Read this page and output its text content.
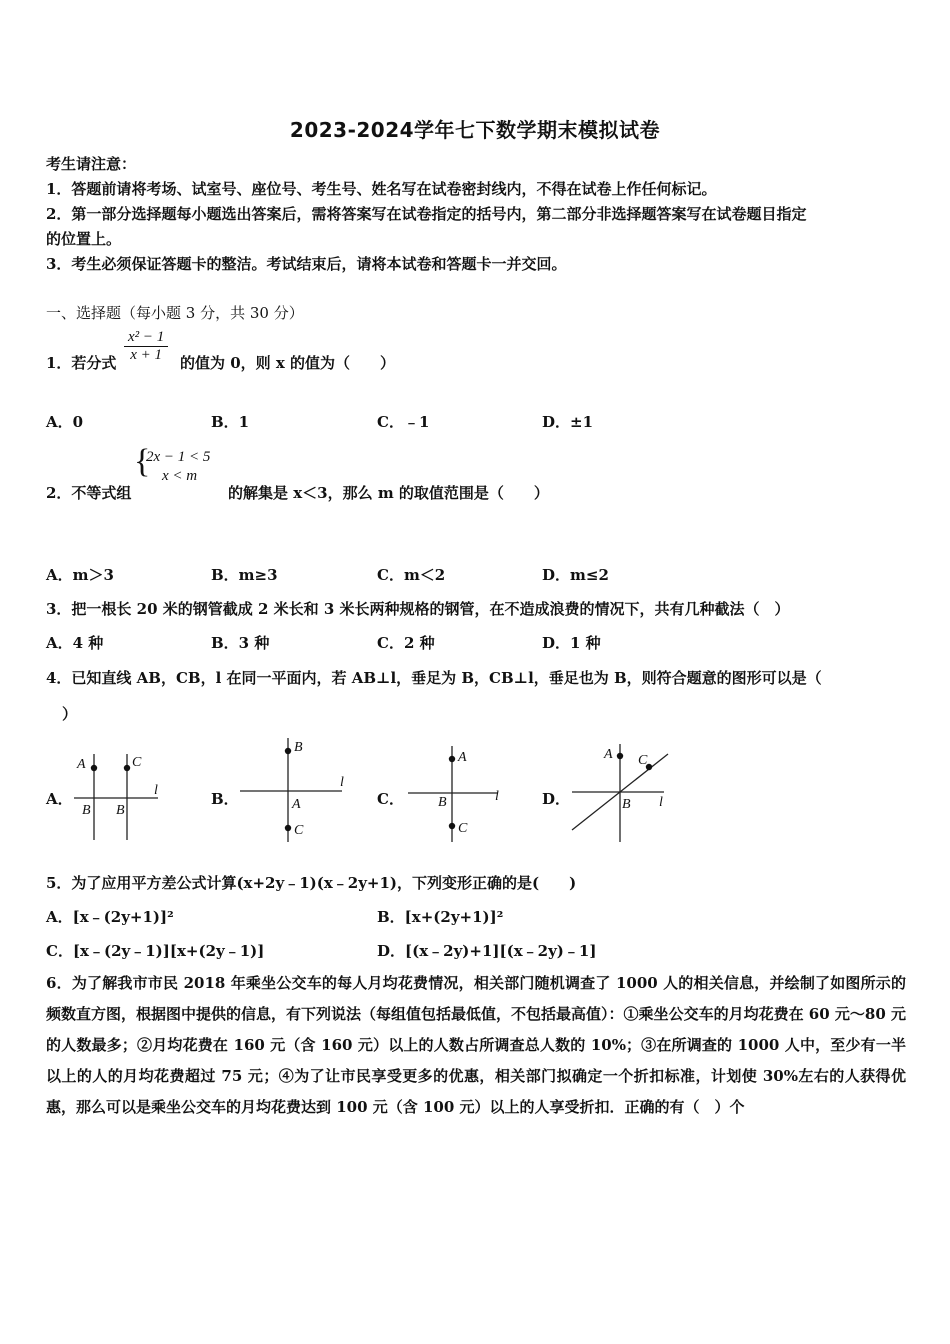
2023-2024学年七下数学期末模拟试卷
考生请注意：
1．答题前请将考场、试室号、座位号、考生号、姓名写在试卷密封线内，不得在试卷上作任何标记。
2．第一部分选择题每小题选出答案后，需将答案写在试卷指定的括号内，第二部分非选择题答案写在试卷题目指定
的位置上。
3．考生必须保证答题卡的整洁。考试结束后，请将本试卷和答题卡一并交回。
一、选择题（每小题 3 分，共 30 分）
1．若分式 $\frac{\text{x² − 1}}{x + 1}$ 的值为 0，则 x 的值为（　　）
A．0	B．1	C．﹣1	D．±1
{
2x − 1 < 5
x < m
2．不等式组	的解集是 x＜3，那么 m 的取值范围是（　　）
A．m＞3	B．m≥3	C．m＜2	D．m≤2
3．把一根长 20 米的钢管截成 2 米长和 3 米长两种规格的钢管，在不造成浪费的情况下，共有几种截法（　）
A．4 种	B．3 种	C．2 种	D．1 种
4．已知直线 AB，CB，l 在同一平面内，若 AB⊥l，垂足为 B，CB⊥l，垂足也为 B，则符合题意的图形可以是（
）
A．
A	C
B B
l	B．
B
A
C
l
C．
A
B
C
l	D．
A C
B l
5．为了应用平方差公式计算(x+2y﹣1)(x﹣2y+1)，下列变形正确的是(　　)
A．[x﹣(2y+1)]²	B．[x+(2y+1)]²
C．[x﹣(2y﹣1)][x+(2y﹣1)]	D．[(x﹣2y)+1][(x﹣2y)﹣1]
6．为了解我市市民 2018 年乘坐公交车的每人月均花费情况，相关部门随机调查了 1000 人的相关信息，并绘制了如图所示的频数直方图，根据图中提供的信息，有下列说法（每组值包括最低值，不包括最高值）：①乘坐公交车的月均花费在 60 元～80 元的人数最多；②月均花费在 160 元（含 160 元）以上的人数占所调查总人数的 10%；③在所调查的 1000 人中，至少有一半以上的人的月均花费超过 75 元；④为了让市民享受更多的优惠，相关部门拟确定一个折扣标准，计划使 30%左右的人获得优惠，那么可以是乘坐公交车的月均花费达到 100 元（含 100 元）以上的人享受折扣．正确的有（　）个
